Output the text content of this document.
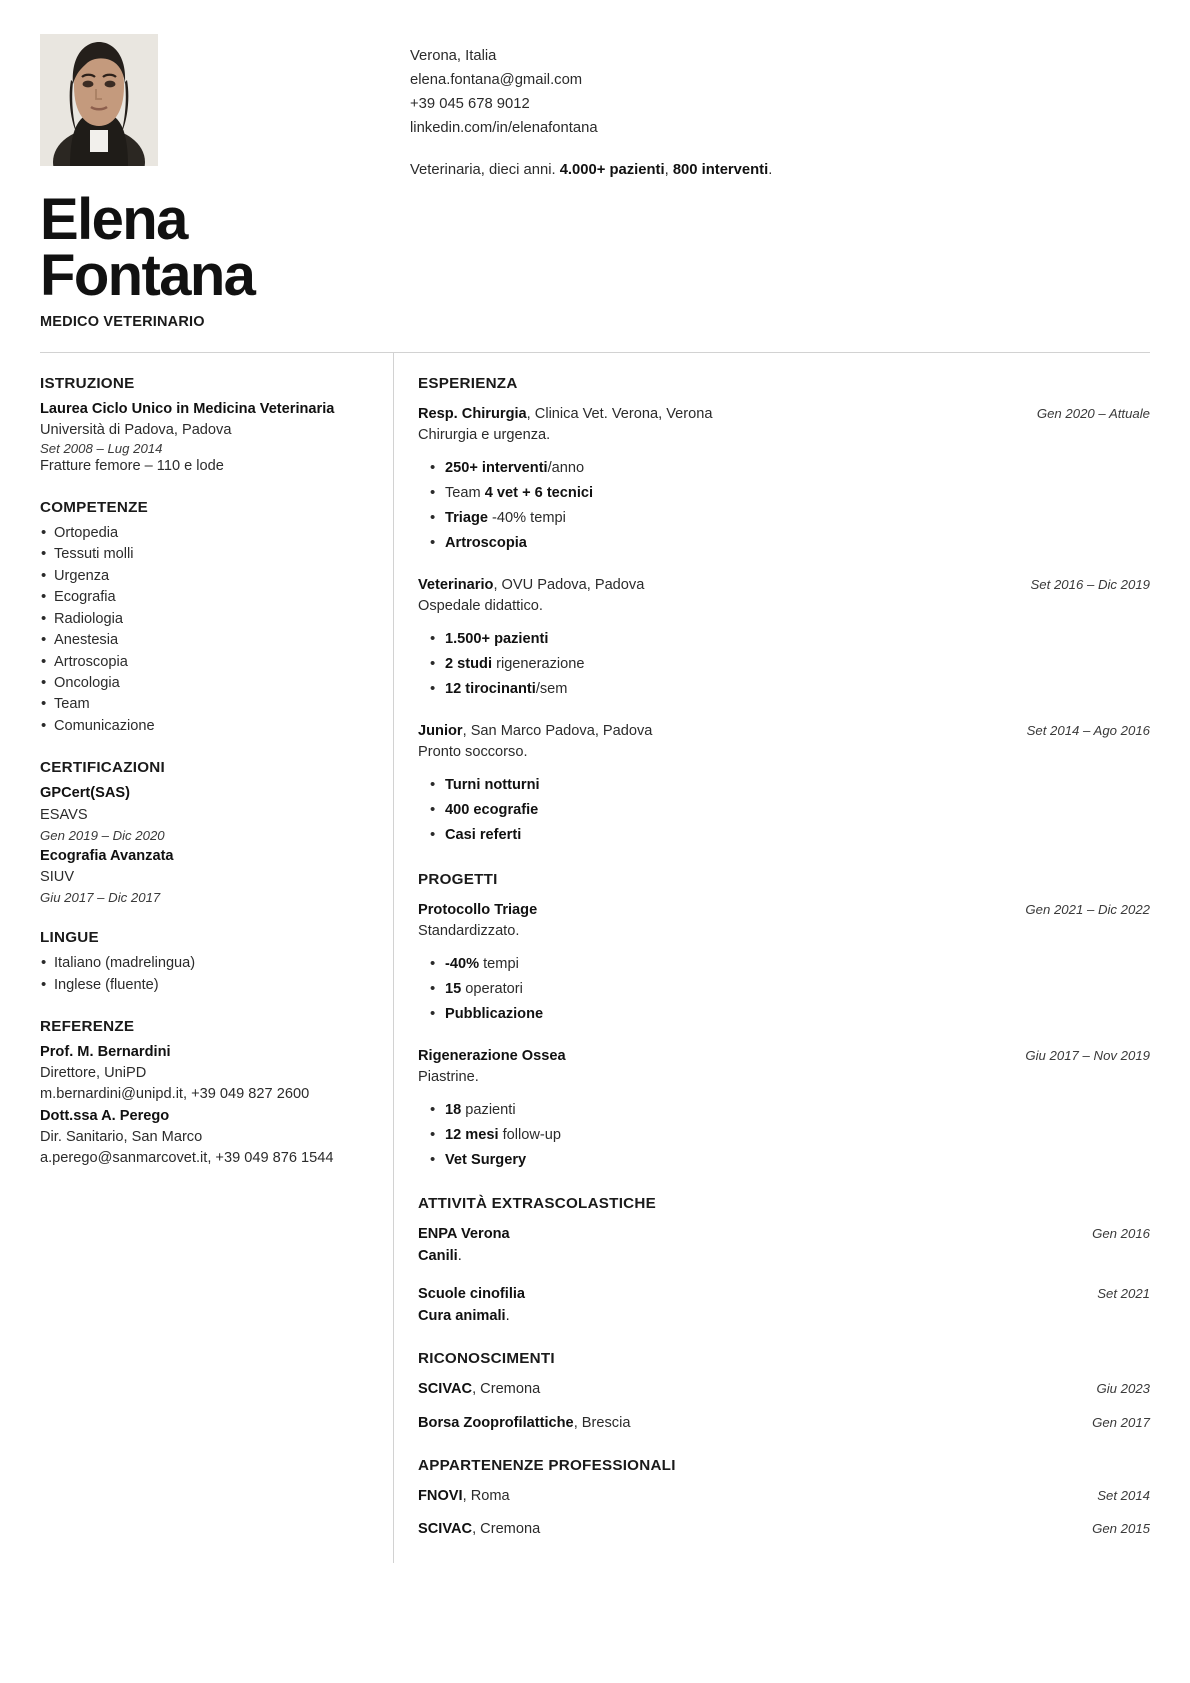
Elena
Fontana
MEDICO VETERINARIO
Verona, Italia
elena.fontana@gmail.com
+39 045 678 9012
linkedin.com/in/elenafontana
Veterinaria, dieci anni. 4.000+ pazienti, 800 interventi.
ISTRUZIONE
Laurea Ciclo Unico in Medicina Veterinaria
Università di Padova, Padova
Set 2008 – Lug 2014
Fratture femore – 110 e lode
COMPETENZE
• Ortopedia
• Tessuti molli
• Urgenza
• Ecografia
• Radiologia
• Anestesia
• Artroscopia
• Oncologia
• Team
• Comunicazione
CERTIFICAZIONI
GPCert(SAS)
ESAVS
Gen 2019 – Dic 2020
Ecografia Avanzata
SIUV
Giu 2017 – Dic 2017
LINGUE
• Italiano (madrelingua)
• Inglese (fluente)
REFERENZE
Prof. M. Bernardini
Direttore, UniPD
m.bernardini@unipd.it, +39 049 827 2600
Dott.ssa A. Perego
Dir. Sanitario, San Marco
a.perego@sanmarcovet.it, +39 049 876 1544
ESPERIENZA
Resp. Chirurgia, Clinica Vet. Verona, Verona	Gen 2020 – Attuale
Chirurgia e urgenza.
• 250+ interventi/anno
• Team 4 vet + 6 tecnici
• Triage -40% tempi
• Artroscopia
Veterinario, OVU Padova, Padova	Set 2016 – Dic 2019
Ospedale didattico.
• 1.500+ pazienti
• 2 studi rigenerazione
• 12 tirocinanti/sem
Junior, San Marco Padova, Padova	Set 2014 – Ago 2016
Pronto soccorso.
• Turni notturni
• 400 ecografie
• Casi referti
PROGETTI
Protocollo Triage	Gen 2021 – Dic 2022
Standardizzato.
• -40% tempi
• 15 operatori
• Pubblicazione
Rigenerazione Ossea	Giu 2017 – Nov 2019
Piastrine.
• 18 pazienti
• 12 mesi follow-up
• Vet Surgery
ATTIVITÀ EXTRASCOLASTICHE
ENPA Verona	Gen 2016
Canili.
Scuole cinofilia	Set 2021
Cura animali.
RICONOSCIMENTI
SCIVAC, Cremona	Giu 2023
Borsa Zooprofilattiche, Brescia	Gen 2017
APPARTENENZE PROFESSIONALI
FNOVI, Roma	Set 2014
SCIVAC, Cremona	Gen 2015
